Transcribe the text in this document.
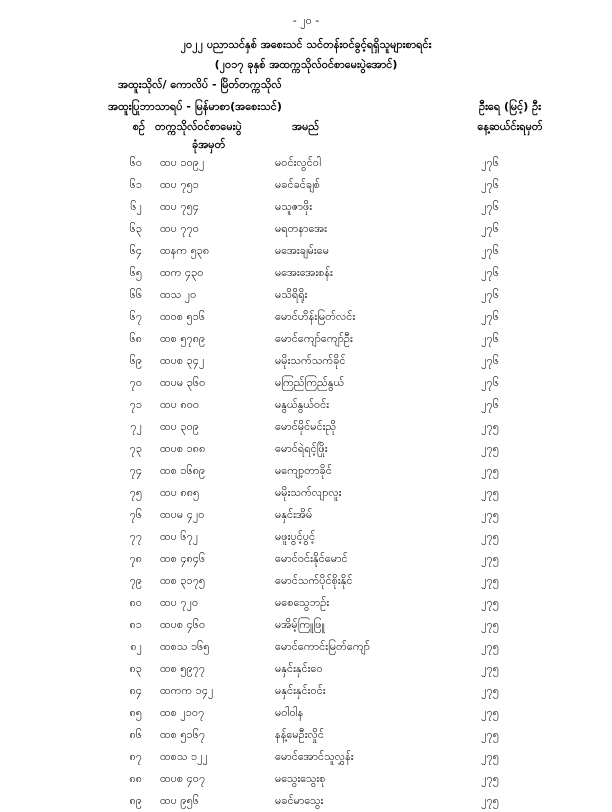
- ၂၀ -
၂၀၂၂ ပညာသင်နှစ် အစေးသင် သင်တန်းဝင်ခွင့်ရရှိသူများစာရင်း
(၂၀၁၇ ခုနှစ် အထက္ကသိုလ်ဝင်စာမေးပွဲအောင်)
အထူးသိုလ်/ ကောလိပ် - မြိတ်တက္ကသိုလ်
အထူးပြုဘာသာရပ် - မြန်မာစာ(အစေးသင်)	ဦးရေ (မြင့်) ဦး
စဉ် တက္ကသိုလ်ဝင်စာမေးပွဲ
ခုံအမှတ်
အမည်	နေ့ဆယ်င်းရမှတ်
၆၀ ထပ ၁၀၉၂	မဝင်းလွင်ဝါ	၂၇၆
၆၁ ထပ ၇၅၁	မခင်ခင်ချစ်	၂၇၆
၆၂ ထပ ၇၅၄	မသူဇာဖိုး	၂၇၆
၆၃ ထပ ၇၇၀	မရတနာအေး	၂၇၆
၆၄ ထနက ၅၃၈	မအေးချမ်းမေ	၂၇၆
၆၅ ထက ၄၃၀	မအေးအေးစန်း	၂၇၆
၆၆ ထသ ၂၀	မသိရိရိုး	၂၇၆
၆၇ ထဝစ ၅၁၆	မောင်ဟိန်းမြတ်လင်း	၂၇၆
၆၈ ထစ ၅၇၈၉	မောင်ကျော်ကျော်ဦး	၂၇၆
၆၉ ထပစ ၃၄၂	မမိုးသက်သက်ခိုင်	၂၇၆
၇၀ ထပမ ၃၆၀	မကြည်ကြည်နွယ်	၂၇၆
၇၁ ထပ ၈၀၀	မနွယ်နွယ်ဝင်း	၂၇၆
၇၂ ထပ ၃၀၉	မောင်မိုင်မင်းညို	၂၇၅
၇၃ ထပစ ၁၈၈	မောင်ရဲရင့်ဖြိုး	၂၇၅
၇၄ ထစ ၁၆၈၉	မကျော့တာခိုင်	၂၇၅
၇၅ ထပ ၈၈၅	မမိုးသက်လျာလူး	၂၇၅
၇၆ ထပမ ၄၂၀	မနှင်းအိမ်	၂၇၅
၇၇ ထပ ၆၇၂	မဖူးပွင့်ပွင့်	၂၇၅
၇၈ ထစ ၄၈၄၆	မောင်ဝင်းနိုင်မောင်	၂၇၅
၇၉ ထစ ၃၁၇၅	မောင်သက်ပိုင်စိုးနိုင်	၂၇၅
၈၀ ထပ ၇၂၀	မစေသွေဘဉ်း	၂၇၅
၈၁ ထပစ ၄၆၀	မအိမ့်ကြူဖြူ	၂၇၅
၈၂ ထစသ ၁၆၅	မောင်ကောင်းမြတ်ကျော်	၂၇၅
၈၃ ထစ ၅၉၇၇	မနှင်းနှင်းဝေ	၂၇၅
၈၄ ထကက ၁၄၂	မနှင်းနှင်းဝင်း	၂၇၅
၈၅ ထစ ၂၁၀၇	မဝါဝါန	၂၇၅
၈၆ ထစ ၅၁၆၇	နန့်မေဦးလှိုင်	၂၇၅
၈၇ ထစသ ၁၂၂	မောင်အောင်သူလွှန်း	၂၇၅
၈၈ ထပစ ၄၀၇	မသွေးသွေးစု	၂၇၅
၈၉ ထပ ၉၅၆	မခင်မာသွေး	၂၇၅
